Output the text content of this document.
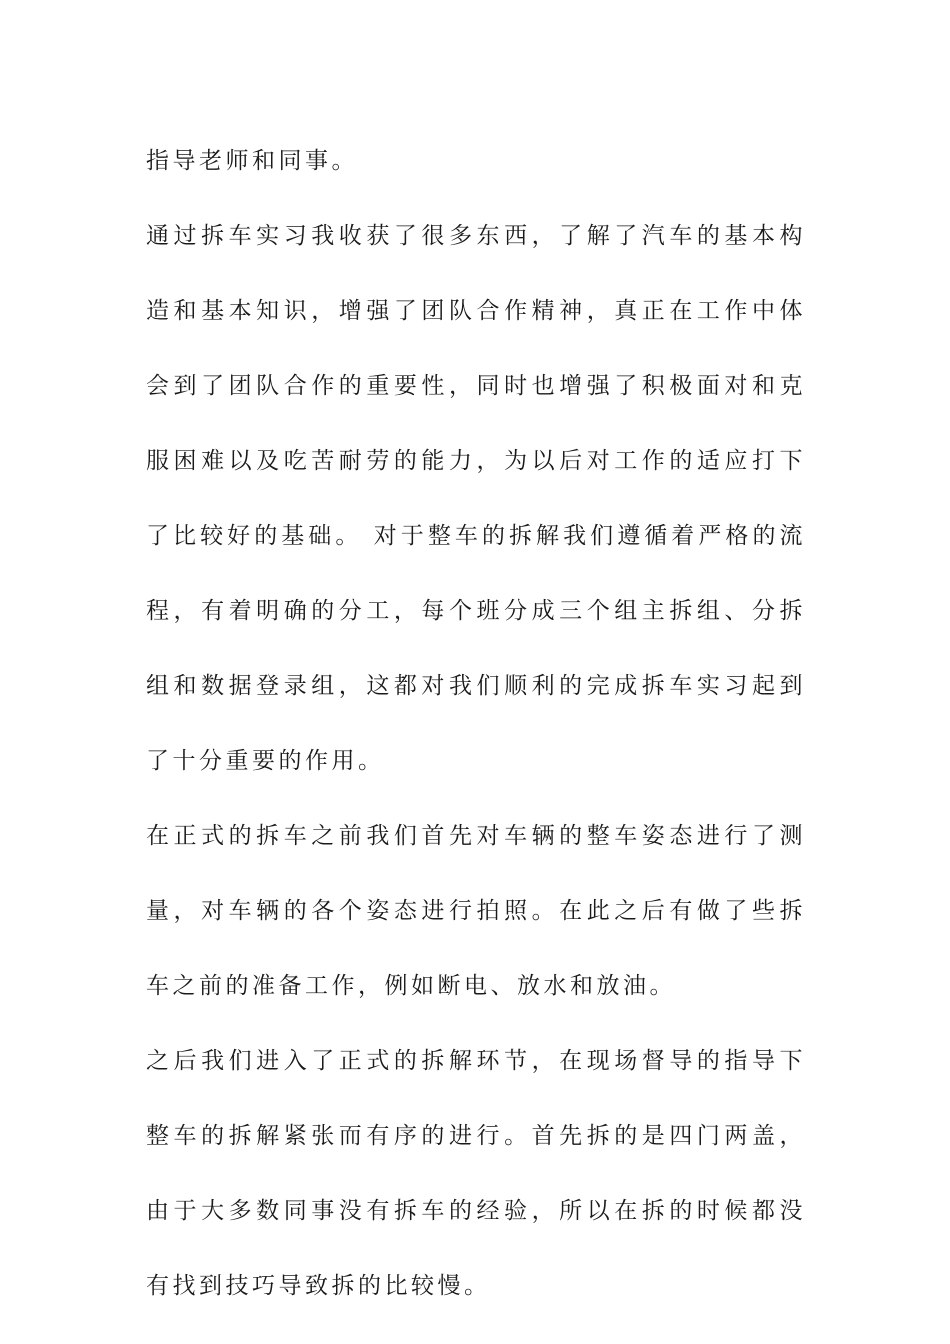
指导老师和同事。

通过拆车实习我收获了很多东西，了解了汽车的基本构造和基本知识，增强了团队合作精神，真正在工作中体会到了团队合作的重要性，同时也增强了积极面对和克服困难以及吃苦耐劳的能力，为以后对工作的适应打下了比较好的基础。 对于整车的拆解我们遵循着严格的流程，有着明确的分工，每个班分成三个组主拆组、分拆组和数据登录组，这都对我们顺利的完成拆车实习起到了十分重要的作用。

在正式的拆车之前我们首先对车辆的整车姿态进行了测量，对车辆的各个姿态进行拍照。在此之后有做了些拆车之前的准备工作，例如断电、放水和放油。

之后我们进入了正式的拆解环节，在现场督导的指导下整车的拆解紧张而有序的进行。首先拆的是四门两盖，由于大多数同事没有拆车的经验，所以在拆的时候都没有找到技巧导致拆的比较慢。
